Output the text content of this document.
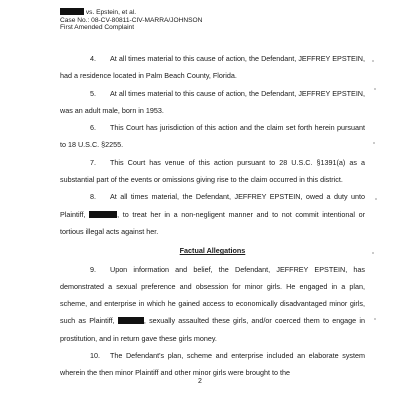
vs. Epstein, et al.
Case No.: 08-CV-80811-CIV-MARRA/JOHNSON
First Amended Complaint

4. At all times material to this cause of action, the Defendant, JEFFREY EPSTEIN, had a residence located in Palm Beach County, Florida.

5. At all times material to this cause of action, the Defendant, JEFFREY EPSTEIN, was an adult male, born in 1953.

6. This Court has jurisdiction of this action and the claim set forth herein pursuant to 18 U.S.C. §2255.

7. This Court has venue of this action pursuant to 28 U.S.C. §1391(a) as a substantial part of the events or omissions giving rise to the claim occurred in this district.

8. At all times material, the Defendant, JEFFREY EPSTEIN, owed a duty unto Plaintiff,	, to treat her in a non-negligent manner and to not commit intentional or tortious illegal acts against her.

Factual Allegations

9. Upon information and belief, the Defendant, JEFFREY EPSTEIN, has demonstrated a sexual preference and obsession for minor girls. He engaged in a plan, scheme, and enterprise in which he gained access to economically disadvantaged minor girls, such as Plaintiff,	, sexually assaulted these girls, and/or coerced them to engage in prostitution, and in return gave these girls money.

10. The Defendant's plan, scheme and enterprise included an elaborate system wherein the then minor Plaintiff and other minor girls were brought to the

2
